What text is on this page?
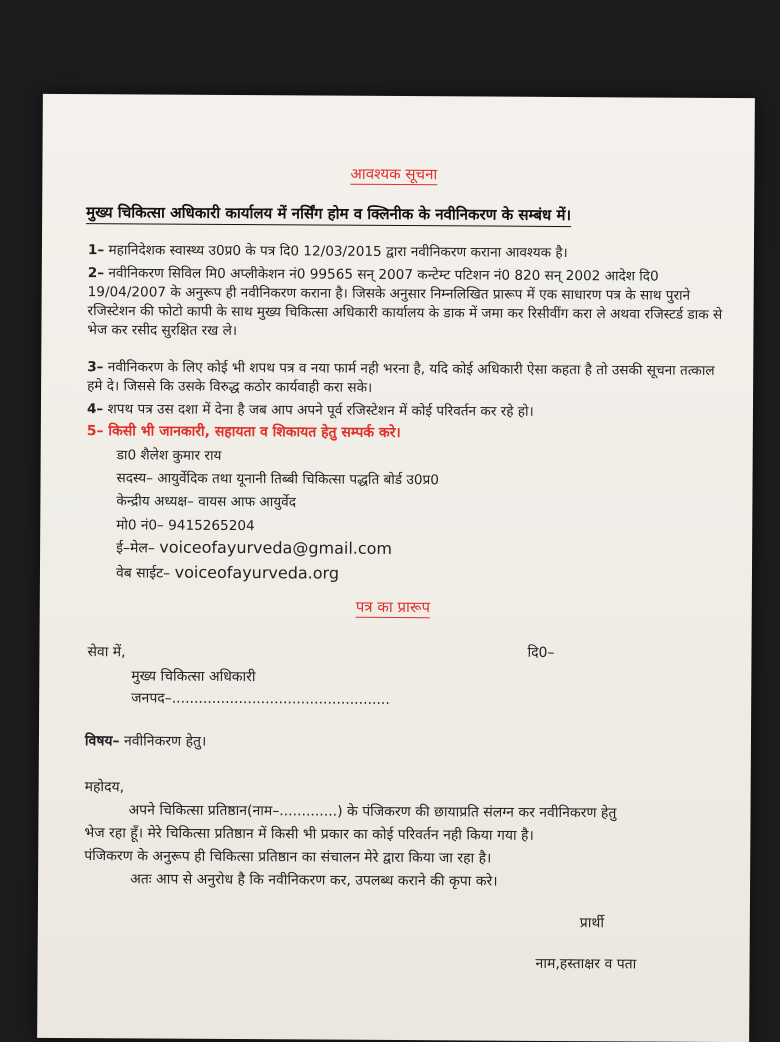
आवश्यक सूचना
मुख्य चिकित्सा अधिकारी कार्यालय में नर्सिंग होम व क्लिनीक के नवीनिकरण के सम्बंध में।
1– महानिदेशक स्वास्थ्य उ0प्र0 के पत्र दि0 12/03/2015 द्वारा नवीनिकरण कराना आवश्यक है।
2– नवीनिकरण सिविल मि0 अप्लीकेशन नं0 99565 सन् 2007 कन्टेम्ट पटिशन नं0 820 सन् 2002 आदेश दि0 19/04/2007 के अनुरूप ही नवीनिकरण कराना है। जिसके अनुसार निम्नलिखित प्रारूप में एक साधारण पत्र के साथ पुराने रजिस्टेशन की फोटो कापी के साथ मुख्य चिकित्सा अधिकारी कार्यालय के डाक में जमा कर रिसीवींग करा ले अथवा रजिस्टर्ड डाक से भेज कर रसीद सुरक्षित रख ले।
3– नवीनिकरण के लिए कोई भी शपथ पत्र व नया फार्म नही भरना है, यदि कोई अधिकारी ऐसा कहता है तो उसकी सूचना तत्काल हमे दे। जिससे कि उसके विरुद्ध कठोर कार्यवाही करा सके।
4– शपथ पत्र उस दशा में देना है जब आप अपने पूर्व रजिस्टेशन में कोई परिवर्तन कर रहे हो।
5– किसी भी जानकारी, सहायता व शिकायत हेतु सम्पर्क करे।
डा0 शैलेश कुमार राय
सदस्य– आयुर्वेदिक तथा यूनानी तिब्बी चिकित्सा पद्धति बोर्ड उ0प्र0
केन्द्रीय अध्यक्ष– वायस आफ आयुर्वेद
मो0 नं0– 9415265204
ई–मेल– voiceofayurveda@gmail.com
वेब साईट– voiceofayurveda.org
पत्र का प्रारूप
सेवा में,	दि0–
मुख्य चिकित्सा अधिकारी
जनपद–.................................................
विषय– नवीनिकरण हेतु।
महोदय,
अपने चिकित्सा प्रतिष्ठान(नाम–.............) के पंजिकरण की छायाप्रति संलग्न कर नवीनिकरण हेतु
भेज रहा हूँ। मेरे चिकित्सा प्रतिष्ठान में किसी भी प्रकार का कोई परिवर्तन नही किया गया है।
पंजिकरण के अनुरूप ही चिकित्सा प्रतिष्ठान का संचालन मेरे द्वारा किया जा रहा है।
अतः आप से अनुरोध है कि नवीनिकरण कर, उपलब्ध कराने की कृपा करे।
प्रार्थी
नाम,हस्ताक्षर व पता
